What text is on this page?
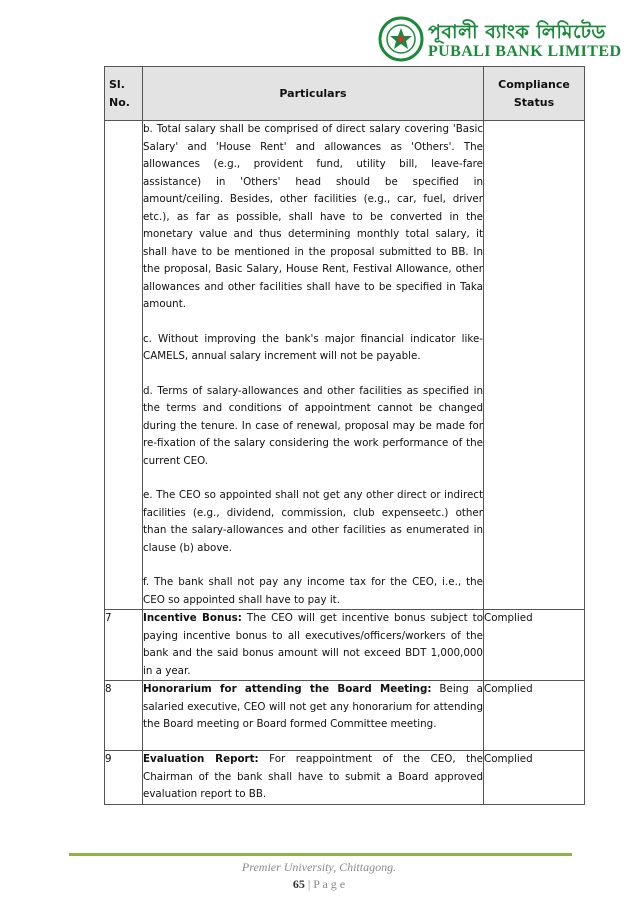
পূবালী ব্যাংক লিমিটেড
PUBALI BANK LIMITED
Sl. No.	Particulars	Compliance Status

	b. Total salary shall be comprised of direct salary covering 'Basic Salary' and 'House Rent' and allowances as 'Others'. The allowances (e.g., provident fund, utility bill, leave-fare assistance) in 'Others' head should be specified in amount/ceiling. Besides, other facilities (e.g., car, fuel, driver etc.), as far as possible, shall have to be converted in the monetary value and thus determining monthly total salary, it shall have to be mentioned in the proposal submitted to BB. In the proposal, Basic Salary, House Rent, Festival Allowance, other allowances and other facilities shall have to be specified in Taka amount.

c. Without improving the bank's major financial indicator like- CAMELS, annual salary increment will not be payable.

d. Terms of salary-allowances and other facilities as specified in the terms and conditions of appointment cannot be changed during the tenure. In case of renewal, proposal may be made for re-fixation of the salary considering the work performance of the current CEO.

e. The CEO so appointed shall not get any other direct or indirect facilities (e.g., dividend, commission, club expenseetc.) other than the salary-allowances and other facilities as enumerated in clause (b) above.

f. The bank shall not pay any income tax for the CEO, i.e., the CEO so appointed shall have to pay it.	

7	Incentive Bonus: The CEO will get incentive bonus subject to paying incentive bonus to all executives/officers/workers of the bank and the said bonus amount will not exceed BDT 1,000,000 in a year.	Complied
8	Honorarium for attending the Board Meeting: Being a salaried executive, CEO will not get any honorarium for attending the Board meeting or Board formed Committee meeting.	Complied
9	Evaluation Report: For reappointment of the CEO, the Chairman of the bank shall have to submit a Board approved evaluation report to BB.	Complied
Premier University, Chittagong.
65 | P a g e
